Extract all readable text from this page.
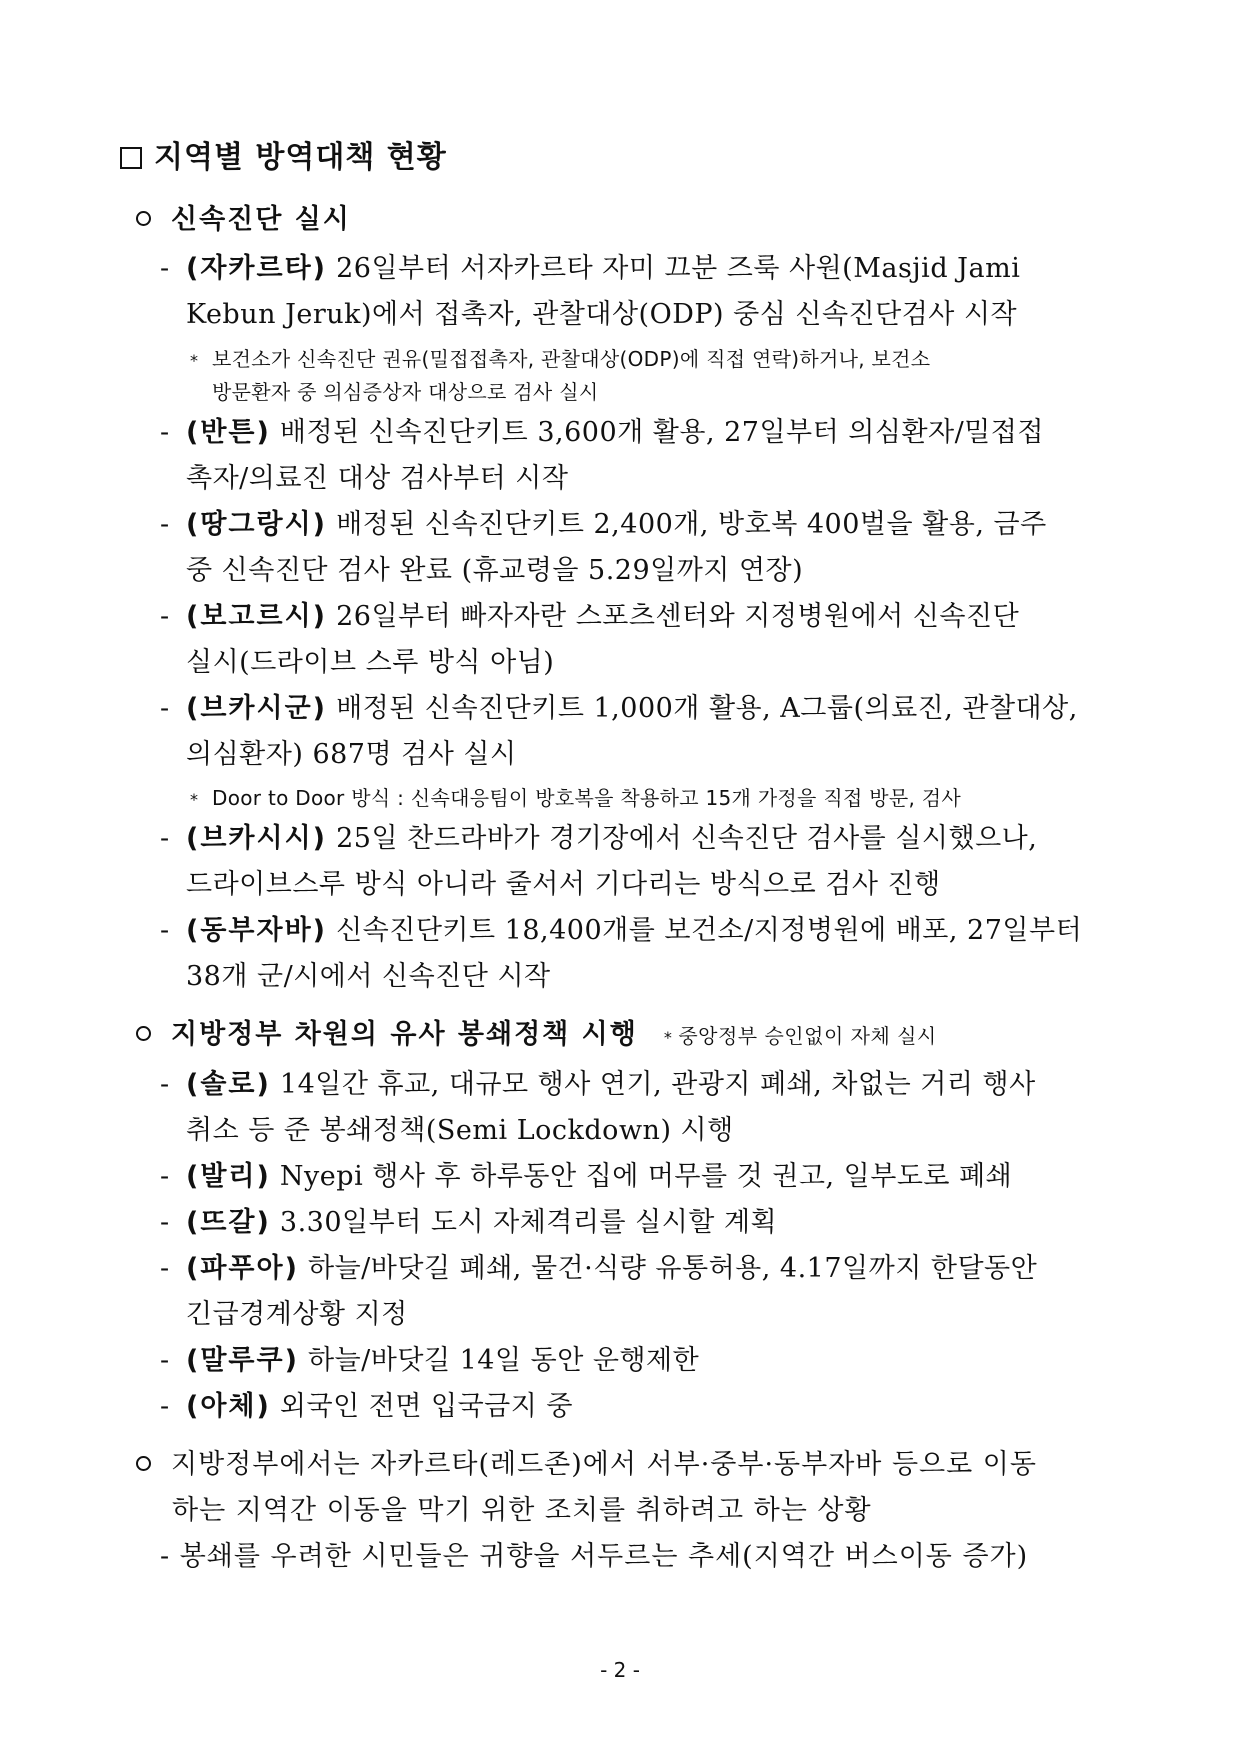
지역별 방역대책 현황
신속진단 실시
- (자카르타) 26일부터 서자카르타 자미 끄분 즈룩 사원(Masjid Jami
Kebun Jeruk)에서 접촉자, 관찰대상(ODP) 중심 신속진단검사 시작
* 보건소가 신속진단 권유(밀접접촉자, 관찰대상(ODP)에 직접 연락)하거나, 보건소
방문환자 중 의심증상자 대상으로 검사 실시
- (반튼) 배정된 신속진단키트 3,600개 활용, 27일부터 의심환자/밀접접
촉자/의료진 대상 검사부터 시작
- (땅그랑시) 배정된 신속진단키트 2,400개, 방호복 400벌을 활용, 금주
중 신속진단 검사 완료 (휴교령을 5.29일까지 연장)
- (보고르시) 26일부터 빠자자란 스포츠센터와 지정병원에서 신속진단
실시(드라이브 스루 방식 아님)
- (브카시군) 배정된 신속진단키트 1,000개 활용, A그룹(의료진, 관찰대상,
의심환자) 687명 검사 실시
* Door to Door 방식 : 신속대응팀이 방호복을 착용하고 15개 가정을 직접 방문, 검사
- (브카시시) 25일 찬드라바가 경기장에서 신속진단 검사를 실시했으나,
드라이브스루 방식 아니라 줄서서 기다리는 방식으로 검사 진행
- (동부자바) 신속진단키트 18,400개를 보건소/지정병원에 배포, 27일부터
38개 군/시에서 신속진단 시작
지방정부 차원의 유사 봉쇄정책 시행 * 중앙정부 승인없이 자체 실시
- (솔로) 14일간 휴교, 대규모 행사 연기, 관광지 폐쇄, 차없는 거리 행사
취소 등 준 봉쇄정책(Semi Lockdown) 시행
- (발리) Nyepi 행사 후 하루동안 집에 머무를 것 권고, 일부도로 폐쇄
- (뜨갈) 3.30일부터 도시 자체격리를 실시할 계획
- (파푸아) 하늘/바닷길 폐쇄, 물건·식량 유통허용, 4.17일까지 한달동안
긴급경계상황 지정
- (말루쿠) 하늘/바닷길 14일 동안 운행제한
- (아체) 외국인 전면 입국금지 중
지방정부에서는 자카르타(레드존)에서 서부·중부·동부자바 등으로 이동
하는 지역간 이동을 막기 위한 조치를 취하려고 하는 상황
- 봉쇄를 우려한 시민들은 귀향을 서두르는 추세(지역간 버스이동 증가)
- 2 -
